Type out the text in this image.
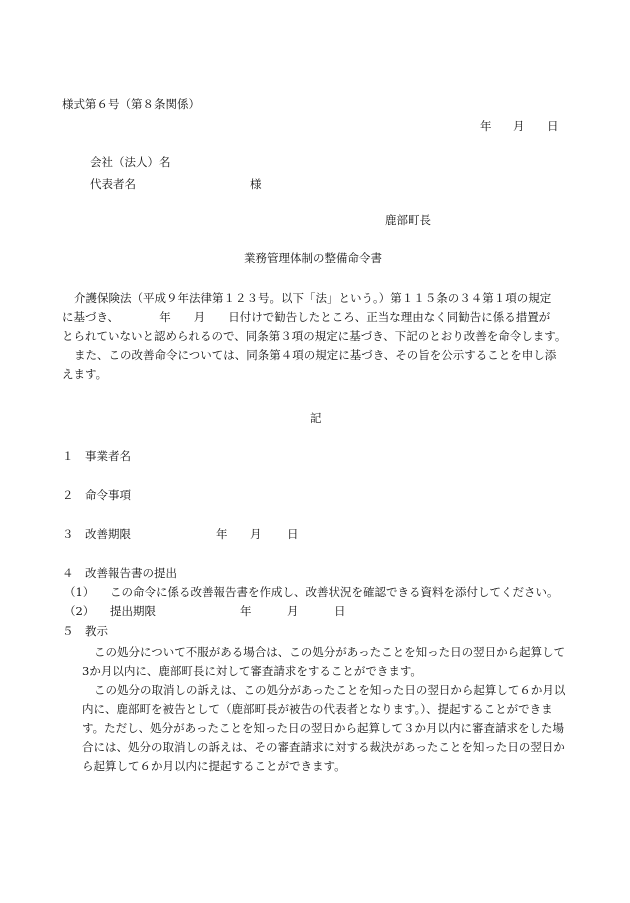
様式第６号（第８条関係）
年 月 日
会社（法人）名
代表者名	様
鹿部町長
業務管理体制の整備命令書
介護保険法（平成９年法律第１２３号。以下「法」という。）第１１５条の３４第１項の規定
に基づき、　　　　年　　月　　日付けで勧告したところ、正当な理由なく同勧告に係る措置が
とられていないと認められるので、同条第３項の規定に基づき、下記のとおり改善を命令します。
また、この改善命令については、同条第４項の規定に基づき、その旨を公示することを申し添
えます。
記
１　事業者名
２　命令事項
３　改善期限	年 月 日
４　改善報告書の提出
（1） この命令に係る改善報告書を作成し、改善状況を確認できる資料を添付してください。
（2） 提出期限	年	月	日
５　教示
この処分について不服がある場合は、この処分があったことを知った日の翌日から起算して
3か月以内に、鹿部町長に対して審査請求をすることができます。
この処分の取消しの訴えは、この処分があったことを知った日の翌日から起算して６か月以
内に、鹿部町を被告として（鹿部町長が被告の代表者となります。）、提起することができま
す。ただし、処分があったことを知った日の翌日から起算して３か月以内に審査請求をした場
合には、処分の取消しの訴えは、その審査請求に対する裁決があったことを知った日の翌日か
ら起算して６か月以内に提起することができます。
